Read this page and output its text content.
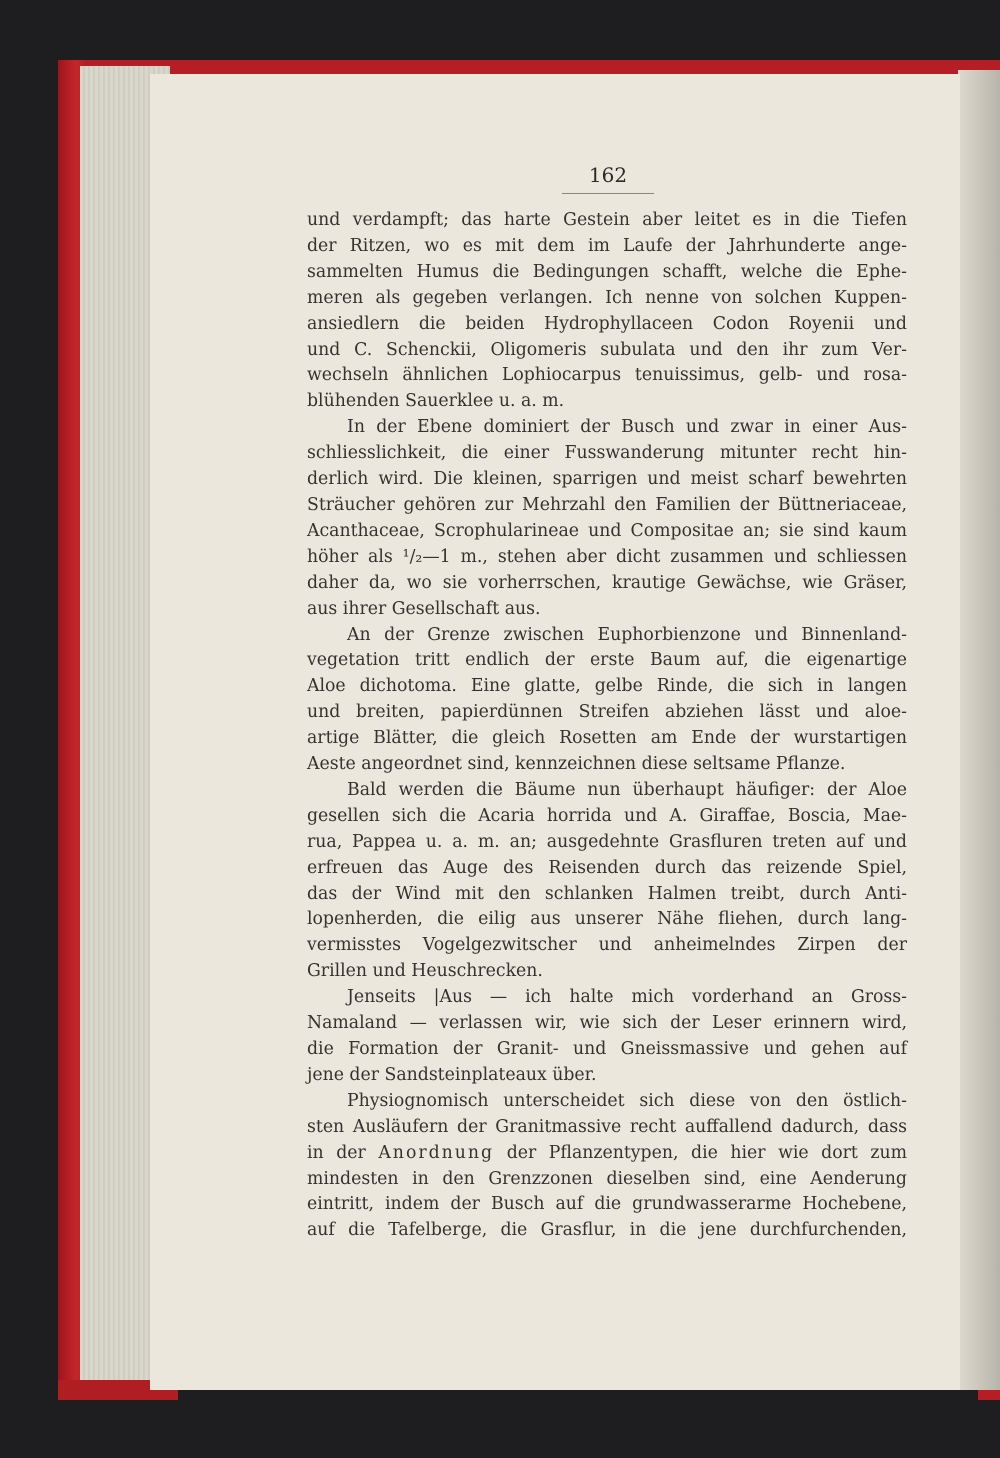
162
und verdampft; das harte Gestein aber leitet es in die Tiefen
der Ritzen, wo es mit dem im Laufe der Jahrhunderte ange-
sammelten Humus die Bedingungen schafft, welche die Ephe-
meren als gegeben verlangen. Ich nenne von solchen Kuppen-
ansiedlern die beiden Hydrophyllaceen Codon Royenii und
und C. Schenckii, Oligomeris subulata und den ihr zum Ver-
wechseln ähnlichen Lophiocarpus tenuissimus, gelb- und rosa-
blühenden Sauerklee u. a. m.
In der Ebene dominiert der Busch und zwar in einer Aus-
schliesslichkeit, die einer Fusswanderung mitunter recht hin-
derlich wird. Die kleinen, sparrigen und meist scharf bewehrten
Sträucher gehören zur Mehrzahl den Familien der Büttneriaceae,
Acanthaceae, Scrophularineae und Compositae an; sie sind kaum
höher als ¹/₂—1 m., stehen aber dicht zusammen und schliessen
daher da, wo sie vorherrschen, krautige Gewächse, wie Gräser,
aus ihrer Gesellschaft aus.
An der Grenze zwischen Euphorbienzone und Binnenland-
vegetation tritt endlich der erste Baum auf, die eigenartige
Aloe dichotoma. Eine glatte, gelbe Rinde, die sich in langen
und breiten, papierdünnen Streifen abziehen lässt und aloe-
artige Blätter, die gleich Rosetten am Ende der wurstartigen
Aeste angeordnet sind, kennzeichnen diese seltsame Pflanze.
Bald werden die Bäume nun überhaupt häufiger: der Aloe
gesellen sich die Acaria horrida und A. Giraffae, Boscia, Mae-
rua, Pappea u. a. m. an; ausgedehnte Grasfluren treten auf und
erfreuen das Auge des Reisenden durch das reizende Spiel,
das der Wind mit den schlanken Halmen treibt, durch Anti-
lopenherden, die eilig aus unserer Nähe fliehen, durch lang-
vermisstes Vogelgezwitscher und anheimelndes Zirpen der
Grillen und Heuschrecken.
Jenseits |Aus — ich halte mich vorderhand an Gross-
Namaland — verlassen wir, wie sich der Leser erinnern wird,
die Formation der Granit- und Gneissmassive und gehen auf
jene der Sandsteinplateaux über.
Physiognomisch unterscheidet sich diese von den östlich-
sten Ausläufern der Granitmassive recht auffallend dadurch, dass
in der Anordnung der Pflanzentypen, die hier wie dort zum
mindesten in den Grenzzonen dieselben sind, eine Aenderung
eintritt, indem der Busch auf die grundwasserarme Hochebene,
auf die Tafelberge, die Grasflur, in die jene durchfurchenden,
